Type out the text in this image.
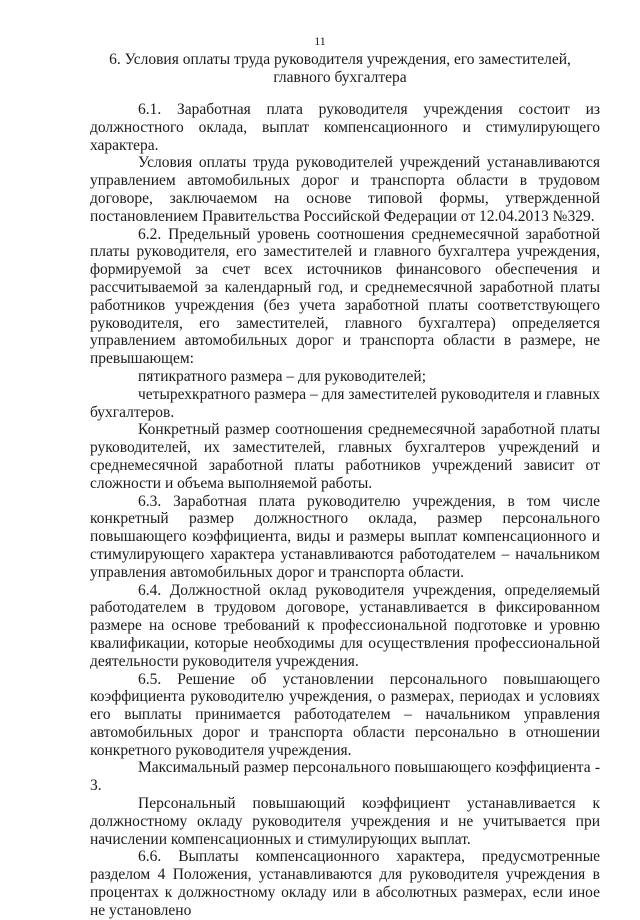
11
6. Условия оплаты труда руководителя учреждения, его заместителей, главного бухгалтера

6.1. Заработная плата руководителя учреждения состоит из должностного оклада, выплат компенсационного и стимулирующего характера.

Условия оплаты труда руководителей учреждений устанавливаются управлением автомобильных дорог и транспорта области в трудовом договоре, заключаемом на основе типовой формы, утвержденной постановлением Правительства Российской Федерации от 12.04.2013 №329.

6.2. Предельный уровень соотношения среднемесячной заработной платы руководителя, его заместителей и главного бухгалтера учреждения, формируемой за счет всех источников финансового обеспечения и рассчитываемой за календарный год, и среднемесячной заработной платы работников учреждения (без учета заработной платы соответствующего руководителя, его заместителей, главного бухгалтера) определяется управлением автомобильных дорог и транспорта области в размере, не превышающем:

пятикратного размера – для руководителей;

четырехкратного размера – для заместителей руководителя и главных бухгалтеров.

Конкретный размер соотношения среднемесячной заработной платы руководителей, их заместителей, главных бухгалтеров учреждений и среднемесячной заработной платы работников учреждений зависит от сложности и объема выполняемой работы.

6.3. Заработная плата руководителю учреждения, в том числе конкретный размер должностного оклада, размер персонального повышающего коэффициента, виды и размеры выплат компенсационного и стимулирующего характера устанавливаются работодателем – начальником управления автомобильных дорог и транспорта области.

6.4. Должностной оклад руководителя учреждения, определяемый работодателем в трудовом договоре, устанавливается в фиксированном размере на основе требований к профессиональной подготовке и уровню квалификации, которые необходимы для осуществления профессиональной деятельности руководителя учреждения.

6.5. Решение об установлении персонального повышающего коэффициента руководителю учреждения, о размерах, периодах и условиях его выплаты принимается работодателем – начальником управления автомобильных дорог и транспорта области персонально в отношении конкретного руководителя учреждения.

Максимальный размер персонального повышающего коэффициента - 3.

Персональный повышающий коэффициент устанавливается к должностному окладу руководителя учреждения и не учитывается при начислении компенсационных и стимулирующих выплат.

6.6. Выплаты компенсационного характера, предусмотренные разделом 4 Положения, устанавливаются для руководителя учреждения в процентах к должностному окладу или в абсолютных размерах, если иное не установлено
